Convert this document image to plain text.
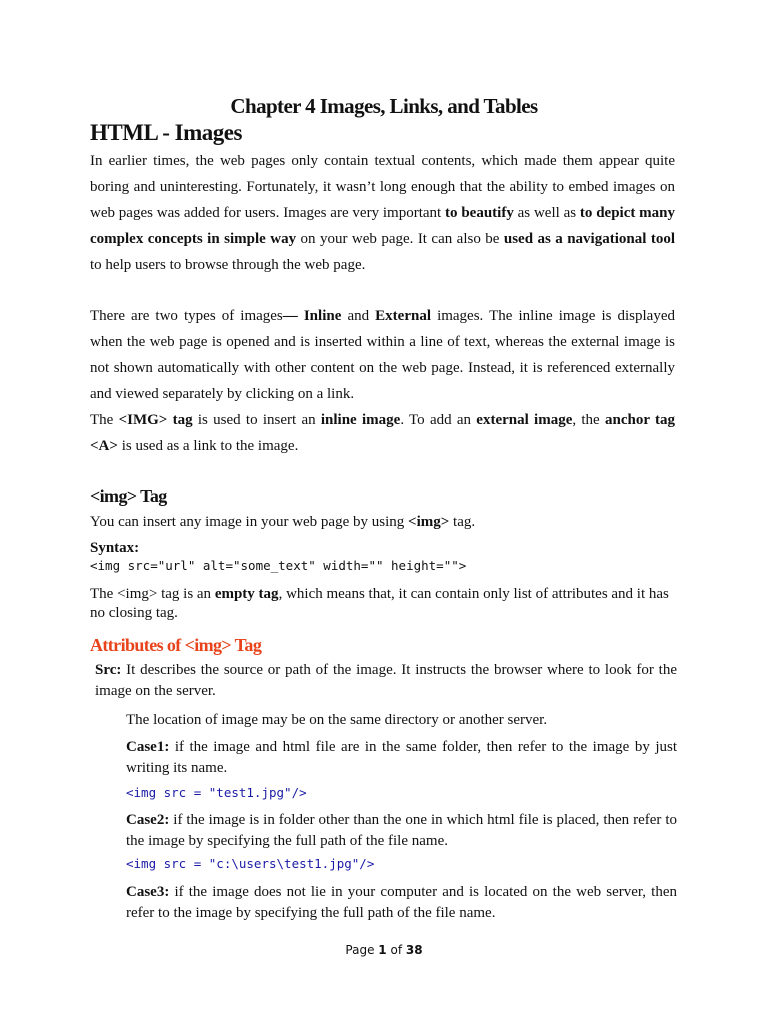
Chapter 4 Images, Links, and Tables
HTML - Images
In earlier times, the web pages only contain textual contents, which made them appear quite boring and uninteresting. Fortunately, it wasn’t long enough that the ability to embed images on web pages was added for users. Images are very important to beautify as well as to depict many complex concepts in simple way on your web page. It can also be used as a navigational tool to help users to browse through the web page.
There are two types of images— Inline and External images. The inline image is displayed when the web page is opened and is inserted within a line of text, whereas the external image is not shown automatically with other content on the web page. Instead, it is referenced externally and viewed separately by clicking on a link.
The <IMG> tag is used to insert an inline image. To add an external image, the anchor tag <A> is used as a link to the image.
<img> Tag
You can insert any image in your web page by using <img> tag.
Syntax:
<img src="url" alt="some_text" width="" height="">
The <img> tag is an empty tag, which means that, it can contain only list of attributes and it has no closing tag.
Attributes of <img> Tag
Src: It describes the source or path of the image. It instructs the browser where to look for the image on the server.
The location of image may be on the same directory or another server.
Case1: if the image and html file are in the same folder, then refer to the image by just writing its name.
<img src = "test1.jpg"/>
Case2: if the image is in folder other than the one in which html file is placed, then refer to the image by specifying the full path of the file name.
<img src = "c:\users\test1.jpg"/>
Case3: if the image does not lie in your computer and is located on the web server, then refer to the image by specifying the full path of the file name.
Page 1 of 38
